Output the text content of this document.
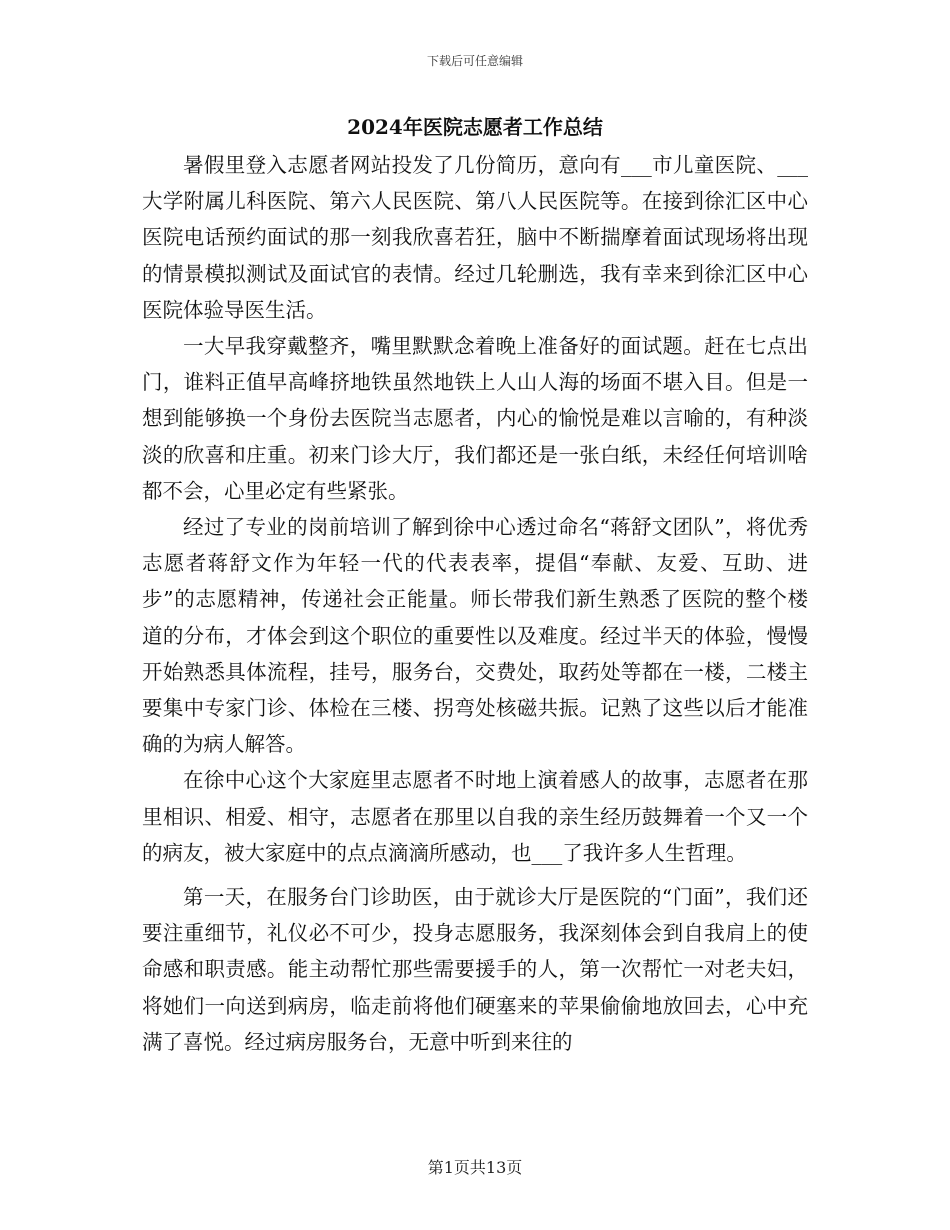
下载后可任意编辑
2024年医院志愿者工作总结

暑假里登入志愿者网站投发了几份简历，意向有___市儿童医院、___大学附属儿科医院、第六人民医院、第八人民医院等。在接到徐汇区中心医院电话预约面试的那一刻我欣喜若狂，脑中不断揣摩着面试现场将出现的情景模拟测试及面试官的表情。经过几轮删选，我有幸来到徐汇区中心医院体验导医生活。

一大早我穿戴整齐，嘴里默默念着晚上准备好的面试题。赶在七点出门，谁料正值早高峰挤地铁虽然地铁上人山人海的场面不堪入目。但是一想到能够换一个身份去医院当志愿者，内心的愉悦是难以言喻的，有种淡淡的欣喜和庄重。初来门诊大厅，我们都还是一张白纸，未经任何培训啥都不会，心里必定有些紧张。

经过了专业的岗前培训了解到徐中心透过命名“蒋舒文团队”，将优秀志愿者蒋舒文作为年轻一代的代表表率，提倡“奉献、友爱、互助、进步”的志愿精神，传递社会正能量。师长带我们新生熟悉了医院的整个楼道的分布，才体会到这个职位的重要性以及难度。经过半天的体验，慢慢开始熟悉具体流程，挂号，服务台，交费处，取药处等都在一楼，二楼主要集中专家门诊、体检在三楼、拐弯处核磁共振。记熟了这些以后才能准确的为病人解答。

在徐中心这个大家庭里志愿者不时地上演着感人的故事，志愿者在那里相识、相爱、相守，志愿者在那里以自我的亲生经历鼓舞着一个又一个的病友，被大家庭中的点点滴滴所感动，也___了我许多人生哲理。

第一天，在服务台门诊助医，由于就诊大厅是医院的“门面”，我们还要注重细节，礼仪必不可少，投身志愿服务，我深刻体会到自我肩上的使命感和职责感。能主动帮忙那些需要援手的人，第一次帮忙一对老夫妇，将她们一向送到病房，临走前将他们硬塞来的苹果偷偷地放回去，心中充满了喜悦。经过病房服务台，无意中听到来往的

第1页共13页
